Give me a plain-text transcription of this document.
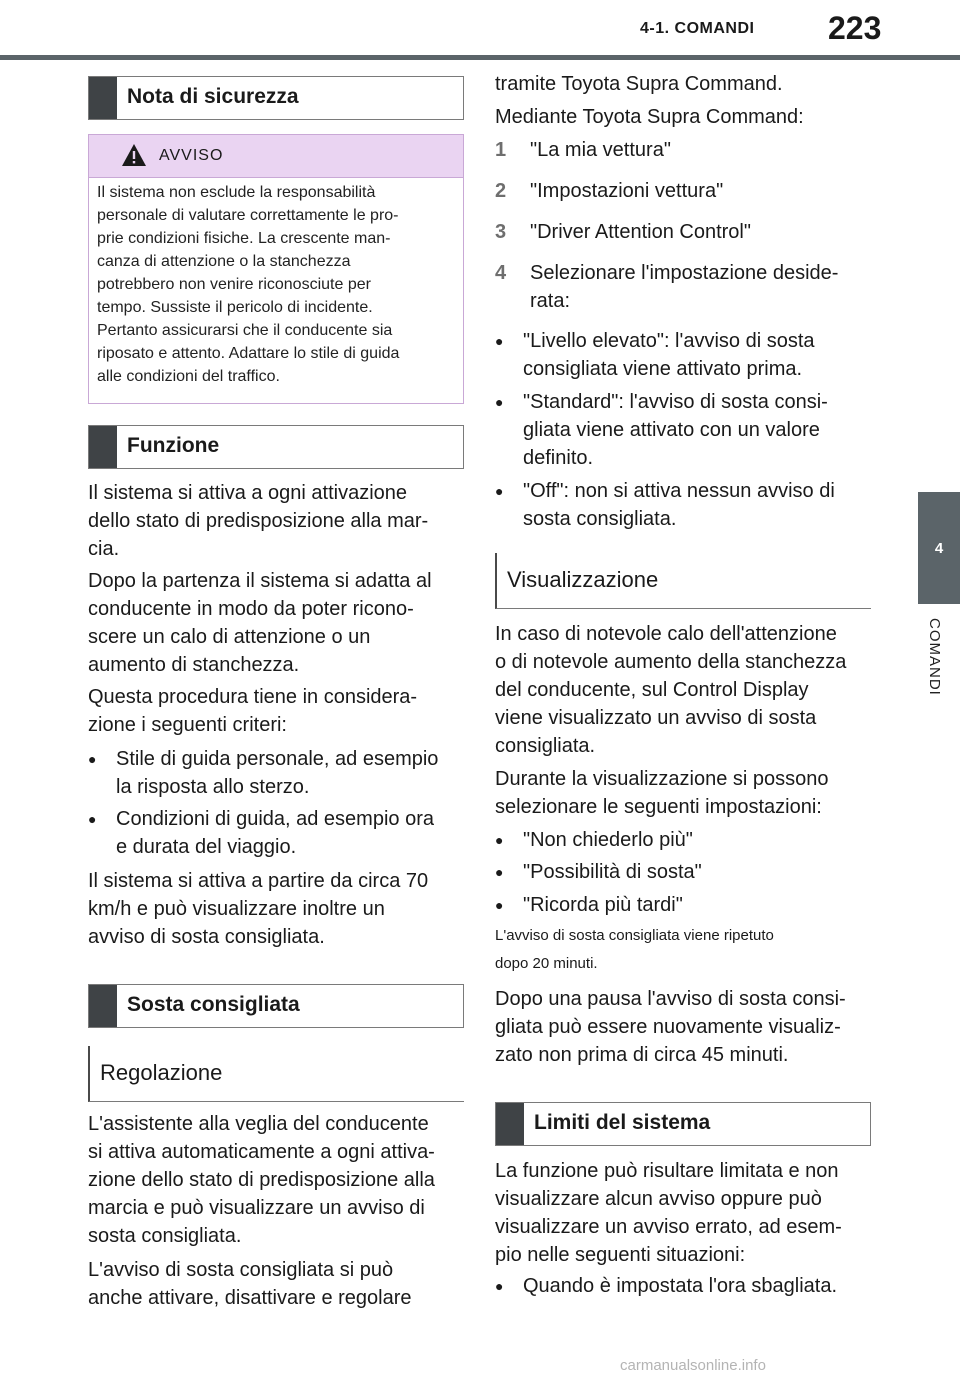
4-1. COMANDI 223
4
COMANDI
Nota di sicurezza
AVVISO
Il sistema non esclude la responsabilità
personale di valutare correttamente le pro-
prie condizioni fisiche. La crescente man-
canza di attenzione o la stanchezza
potrebbero non venire riconosciute per
tempo. Sussiste il pericolo di incidente.
Pertanto assicurarsi che il conducente sia
riposato e attento. Adattare lo stile di guida
alle condizioni del traffico.
Funzione
Il sistema si attiva a ogni attivazione
dello stato di predisposizione alla mar-
cia.
Dopo la partenza il sistema si adatta al
conducente in modo da poter ricono-
scere un calo di attenzione o un
aumento di stanchezza.
Questa procedura tiene in considera-
zione i seguenti criteri:
● Stile di guida personale, ad esempio
la risposta allo sterzo.
● Condizioni di guida, ad esempio ora
e durata del viaggio.
Il sistema si attiva a partire da circa 70
km/h e può visualizzare inoltre un
avviso di sosta consigliata.
Sosta consigliata
Regolazione
L'assistente alla veglia del conducente
si attiva automaticamente a ogni attiva-
zione dello stato di predisposizione alla
marcia e può visualizzare un avviso di
sosta consigliata.
L'avviso di sosta consigliata si può
anche attivare, disattivare e regolare
tramite Toyota Supra Command.
Mediante Toyota Supra Command:
1 "La mia vettura"
2 "Impostazioni vettura"
3 "Driver Attention Control"
4 Selezionare l'impostazione deside-
rata:
● "Livello elevato": l'avviso di sosta
consigliata viene attivato prima.
● "Standard": l'avviso di sosta consi-
gliata viene attivato con un valore
definito.
● "Off": non si attiva nessun avviso di
sosta consigliata.
Visualizzazione
In caso di notevole calo dell'attenzione
o di notevole aumento della stanchezza
del conducente, sul Control Display
viene visualizzato un avviso di sosta
consigliata.
Durante la visualizzazione si possono
selezionare le seguenti impostazioni:
● "Non chiederlo più"
● "Possibilità di sosta"
● "Ricorda più tardi"
L'avviso di sosta consigliata viene ripetuto
dopo 20 minuti.
Dopo una pausa l'avviso di sosta consi-
gliata può essere nuovamente visualiz-
zato non prima di circa 45 minuti.
Limiti del sistema
La funzione può risultare limitata e non
visualizzare alcun avviso oppure può
visualizzare un avviso errato, ad esem-
pio nelle seguenti situazioni:
● Quando è impostata l'ora sbagliata.
carmanualsonline.info
